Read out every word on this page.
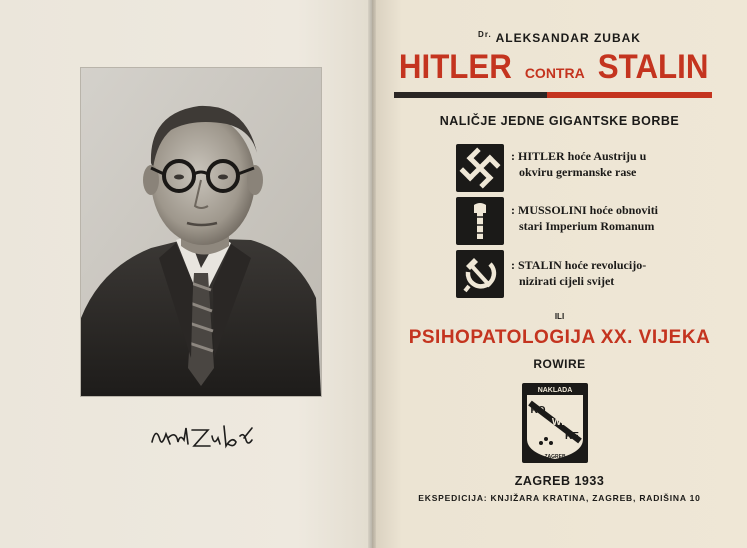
$^{Dr.}$ ALEKSANDAR ZUBAK
HITLER CONTRA STALIN
NALIČJE JEDNE GIGANTSKE BORBE
: HITLER hoće Austriju u
okviru germanske rase
: MUSSOLINI hoće obnoviti
stari Imperium Romanum
: STALIN hoće revolucijo-
nizirati cijeli svijet
ILI
PSIHOPATOLOGIJA XX. VIJEKA
ROWIRE
NAKLADA
RO
WI
RE
ZAGREB
ZAGREB 1933
EKSPEDICIJA: KNJIŽARA KRATINA, ZAGREB, RADIŠINA 10
